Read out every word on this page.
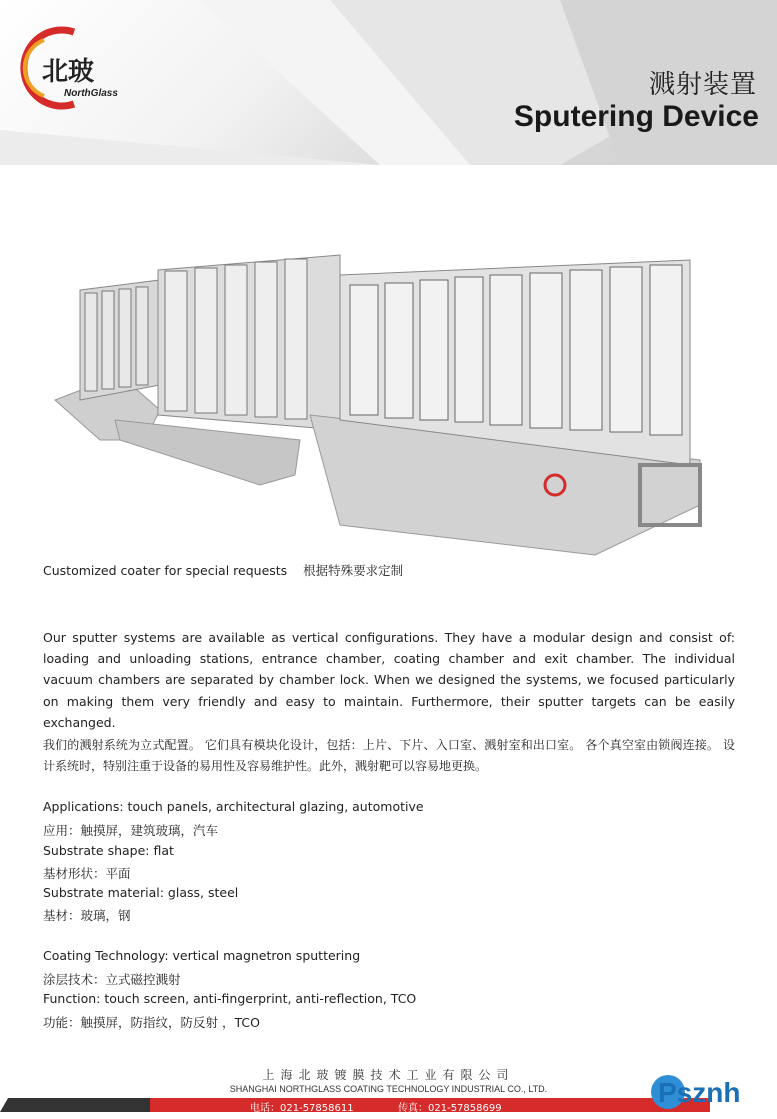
北玻
NorthGlass	溅射装置
Sputering Device
Customized coater for special requests    根据特殊要求定制
Our sputter systems are available as vertical configurations. They have a modular design and consist of: loading and unloading stations, entrance chamber, coating chamber and exit chamber. The individual vacuum chambers are separated by chamber lock. When we designed the systems, we focused particularly on making them very friendly and easy to maintain. Furthermore, their sputter targets can be easily exchanged.
我们的溅射系统为立式配置。 它们具有模块化设计，包括：上片、下片、入口室、溅射室和出口室。 各个真空室由锁阀连接。 设计系统时，特别注重于设备的易用性及容易维护性。此外，溅射靶可以容易地更换。
Applications: touch panels, architectural glazing, automotive
应用：触摸屏，建筑玻璃，汽车
Substrate shape: flat
基材形状：平面
Substrate material: glass, steel
基材：玻璃，钢
Coating Technology: vertical magnetron sputtering
涂层技术：立式磁控溅射
Function: touch screen, anti-fingerprint, anti-reflection, TCO
功能：触摸屏，防指纹，防反射 ，TCO
上海北玻镀膜技术工业有限公司
SHANGHAI NORTHGLASS COATING TECHNOLOGY INDUSTRIAL CO., LTD.
电话：021-57858611	传真：021-57858699
Psznh
